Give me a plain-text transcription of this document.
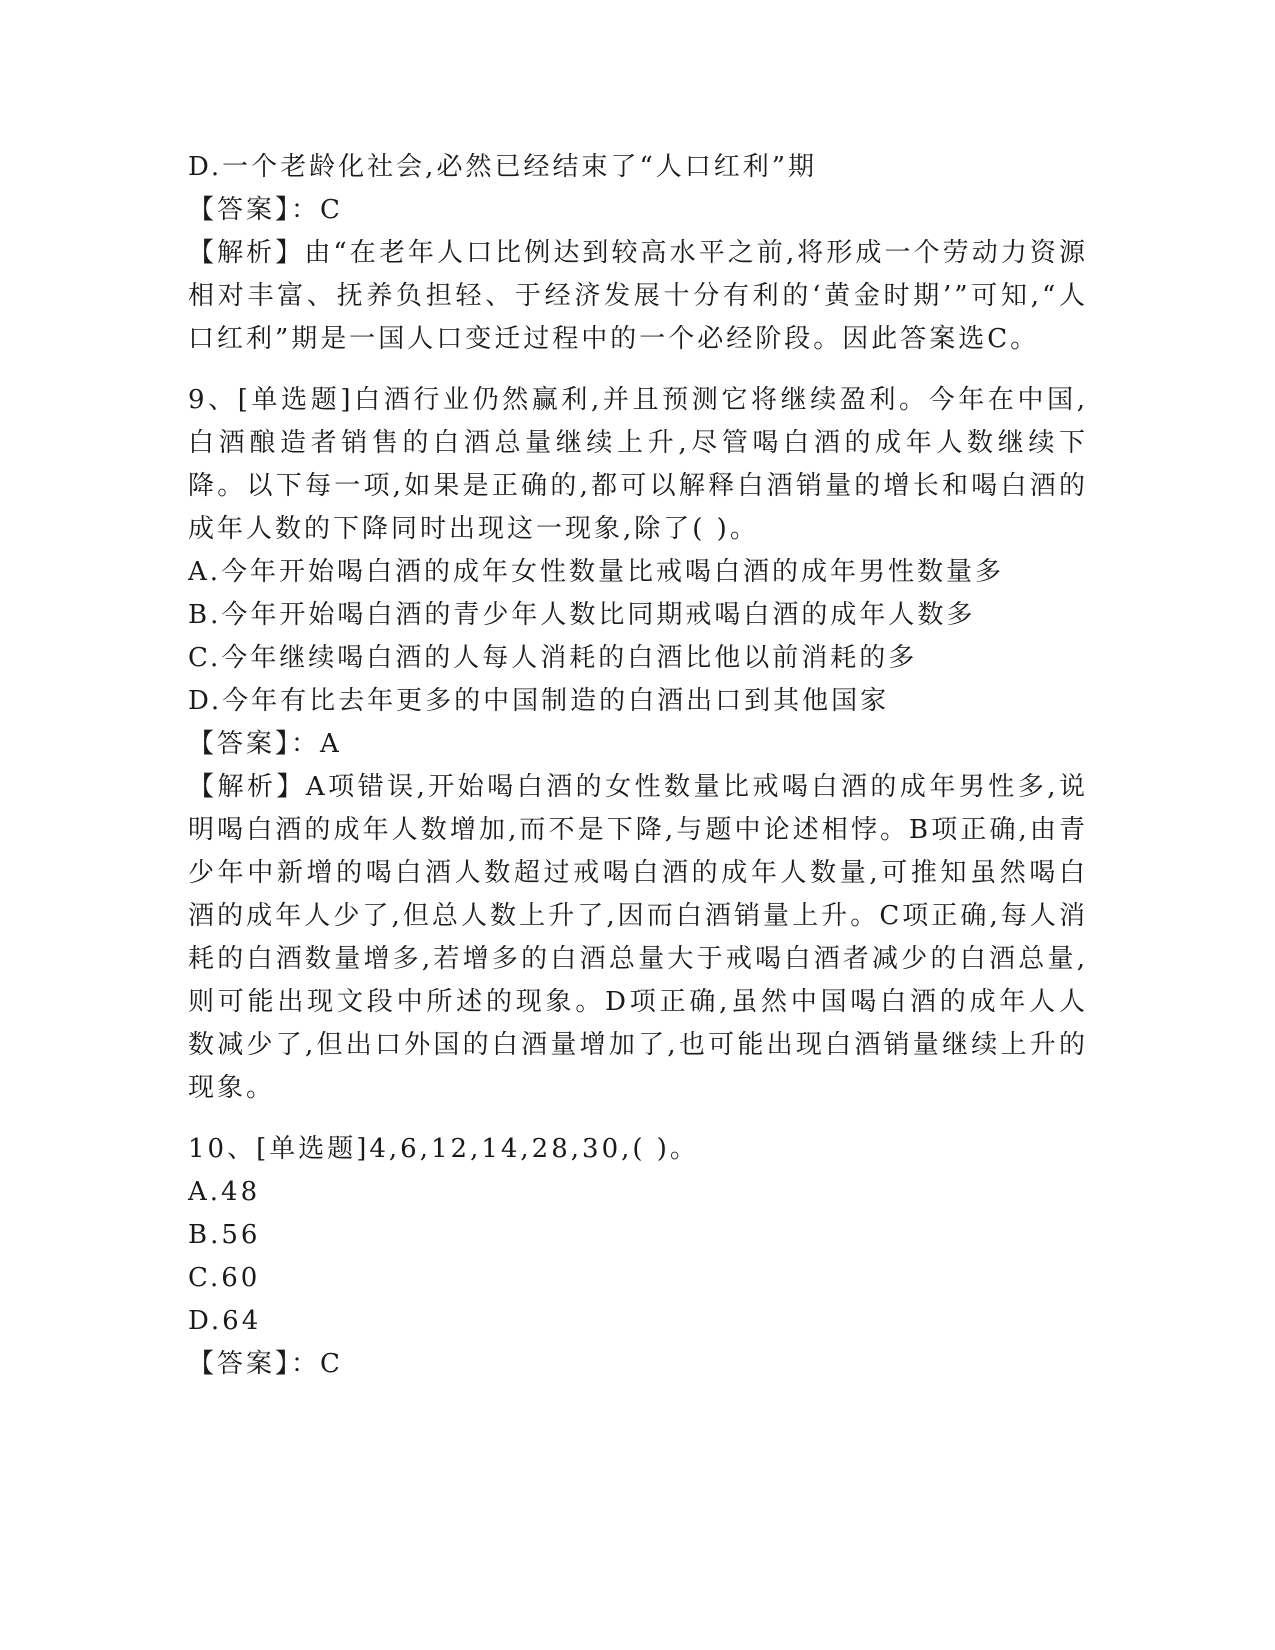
D.一个老龄化社会,必然已经结束了“人口红利”期
【答案】：C
【解析】由“在老年人口比例达到较高水平之前,将形成一个劳动力资源相对丰富、抚养负担轻、于经济发展十分有利的‘黄金时期’”可知,“人口红利”期是一国人口变迁过程中的一个必经阶段。因此答案选C。
9、[单选题]白酒行业仍然赢利,并且预测它将继续盈利。今年在中国,白酒酿造者销售的白酒总量继续上升,尽管喝白酒的成年人数继续下降。以下每一项,如果是正确的,都可以解释白酒销量的增长和喝白酒的成年人数的下降同时出现这一现象,除了( )。
A.今年开始喝白酒的成年女性数量比戒喝白酒的成年男性数量多
B.今年开始喝白酒的青少年人数比同期戒喝白酒的成年人数多
C.今年继续喝白酒的人每人消耗的白酒比他以前消耗的多
D.今年有比去年更多的中国制造的白酒出口到其他国家
【答案】：A
【解析】A项错误,开始喝白酒的女性数量比戒喝白酒的成年男性多,说明喝白酒的成年人数增加,而不是下降,与题中论述相悖。B项正确,由青少年中新增的喝白酒人数超过戒喝白酒的成年人数量,可推知虽然喝白酒的成年人少了,但总人数上升了,因而白酒销量上升。C项正确,每人消耗的白酒数量增多,若增多的白酒总量大于戒喝白酒者减少的白酒总量,则可能出现文段中所述的现象。D项正确,虽然中国喝白酒的成年人人数减少了,但出口外国的白酒量增加了,也可能出现白酒销量继续上升的现象。
10、[单选题]4,6,12,14,28,30,( )。
A.48
B.56
C.60
D.64
【答案】：C
